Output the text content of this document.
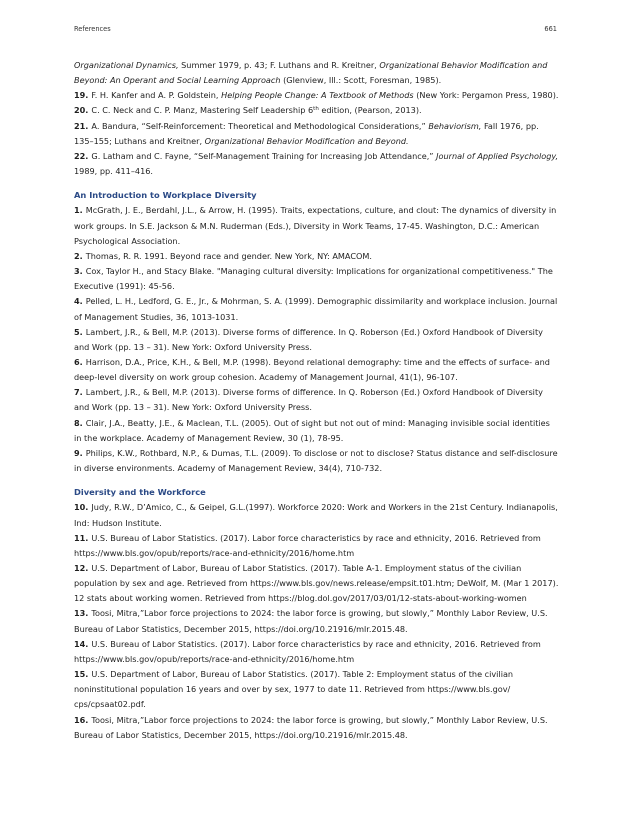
References	661

Organizational Dynamics, Summer 1979, p. 43; F. Luthans and R. Kreitner, Organizational Behavior Modification and Beyond: An Operant and Social Learning Approach (Glenview, Ill.: Scott, Foresman, 1985).

19. F. H. Kanfer and A. P. Goldstein, Helping People Change: A Textbook of Methods (New York: Pergamon Press, 1980).

20. C. C. Neck and C. P. Manz, Mastering Self Leadership 6th edition, (Pearson, 2013).

21. A. Bandura, “Self-Reinforcement: Theoretical and Methodological Considerations,” Behaviorism, Fall 1976, pp. 135–155; Luthans and Kreitner, Organizational Behavior Modification and Beyond.

22. G. Latham and C. Fayne, “Self-Management Training for Increasing Job Attendance,” Journal of Applied Psychology, 1989, pp. 411–416.

An Introduction to Workplace Diversity

1. McGrath, J. E., Berdahl, J.L., & Arrow, H. (1995). Traits, expectations, culture, and clout: The dynamics of diversity in work groups. In S.E. Jackson & M.N. Ruderman (Eds.), Diversity in Work Teams, 17-45. Washington, D.C.: American Psychological Association.

2. Thomas, R. R. 1991. Beyond race and gender. New York, NY: AMACOM.

3. Cox, Taylor H., and Stacy Blake. "Managing cultural diversity: Implications for organizational competitiveness." The Executive (1991): 45-56.

4. Pelled, L. H., Ledford, G. E., Jr., & Mohrman, S. A. (1999). Demographic dissimilarity and workplace inclusion. Journal of Management Studies, 36, 1013-1031.

5. Lambert, J.R., & Bell, M.P. (2013). Diverse forms of difference. In Q. Roberson (Ed.) Oxford Handbook of Diversity and Work (pp. 13 – 31). New York: Oxford University Press.

6. Harrison, D.A., Price, K.H., & Bell, M.P. (1998). Beyond relational demography: time and the effects of surface- and deep-level diversity on work group cohesion. Academy of Management Journal, 41(1), 96-107.

7. Lambert, J.R., & Bell, M.P. (2013). Diverse forms of difference. In Q. Roberson (Ed.) Oxford Handbook of Diversity and Work (pp. 13 – 31). New York: Oxford University Press.

8. Clair, J.A., Beatty, J.E., & Maclean, T.L. (2005). Out of sight but not out of mind: Managing invisible social identities in the workplace. Academy of Management Review, 30 (1), 78-95.

9. Philips, K.W., Rothbard, N.P., & Dumas, T.L. (2009). To disclose or not to disclose? Status distance and self-disclosure in diverse environments. Academy of Management Review, 34(4), 710-732.

Diversity and the Workforce

10. Judy, R.W., D’Amico, C., & Geipel, G.L.(1997). Workforce 2020: Work and Workers in the 21st Century. Indianapolis, Ind: Hudson Institute.

11. U.S. Bureau of Labor Statistics. (2017). Labor force characteristics by race and ethnicity, 2016. Retrieved from https://www.bls.gov/opub/reports/race-and-ethnicity/2016/home.htm

12. U.S. Department of Labor, Bureau of Labor Statistics. (2017). Table A-1. Employment status of the civilian population by sex and age. Retrieved from https://www.bls.gov/news.release/empsit.t01.htm; DeWolf, M. (Mar 1 2017). 12 stats about working women. Retrieved from https://blog.dol.gov/2017/03/01/12-stats-about-working-women

13. Toosi, Mitra,”Labor force projections to 2024: the labor force is growing, but slowly,” Monthly Labor Review, U.S. Bureau of Labor Statistics, December 2015, https://doi.org/10.21916/mlr.2015.48.

14. U.S. Bureau of Labor Statistics. (2017). Labor force characteristics by race and ethnicity, 2016. Retrieved from https://www.bls.gov/opub/reports/race-and-ethnicity/2016/home.htm

15. U.S. Department of Labor, Bureau of Labor Statistics. (2017). Table 2: Employment status of the civilian noninstitutional population 16 years and over by sex, 1977 to date 11. Retrieved from https://www.bls.gov/ cps/cpsaat02.pdf.

16. Toosi, Mitra,”Labor force projections to 2024: the labor force is growing, but slowly,” Monthly Labor Review, U.S. Bureau of Labor Statistics, December 2015, https://doi.org/10.21916/mlr.2015.48.
